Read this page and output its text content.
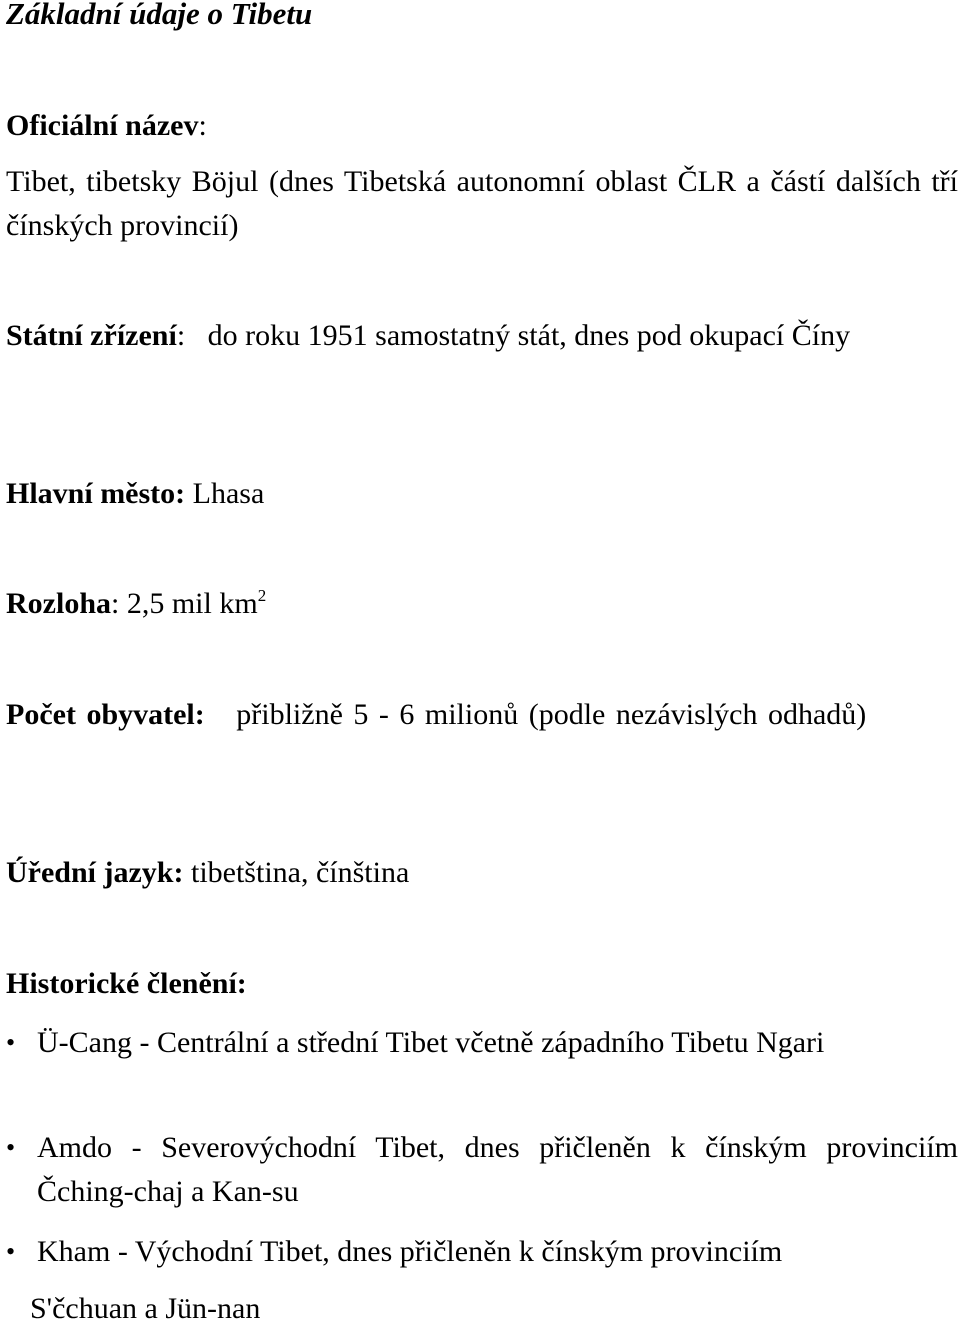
Základní údaje o Tibetu
Oficiální název:
Tibet, tibetsky Böjul (dnes Tibetská autonomní oblast ČLR a částí dalších tří čínských provincií)
Státní zřízení: do roku 1951 samostatný stát, dnes pod okupací Číny
Hlavní město: Lhasa
Rozloha: 2,5 mil $km^2$
Počet obyvatel: přibližně 5 - 6 milionů (podle nezávislých odhadů)
Úřední jazyk: tibetština, čínština
Historické členění:
• Ü-Cang - Centrální a střední Tibet včetně západního Tibetu Ngari
• Amdo - Severovýchodní Tibet, dnes přičleněn k čínským provinciím Čching-chaj a Kan-su
• Kham - Východní Tibet, dnes přičleněn k čínským provinciím
S'čchuan a Jün-nan
